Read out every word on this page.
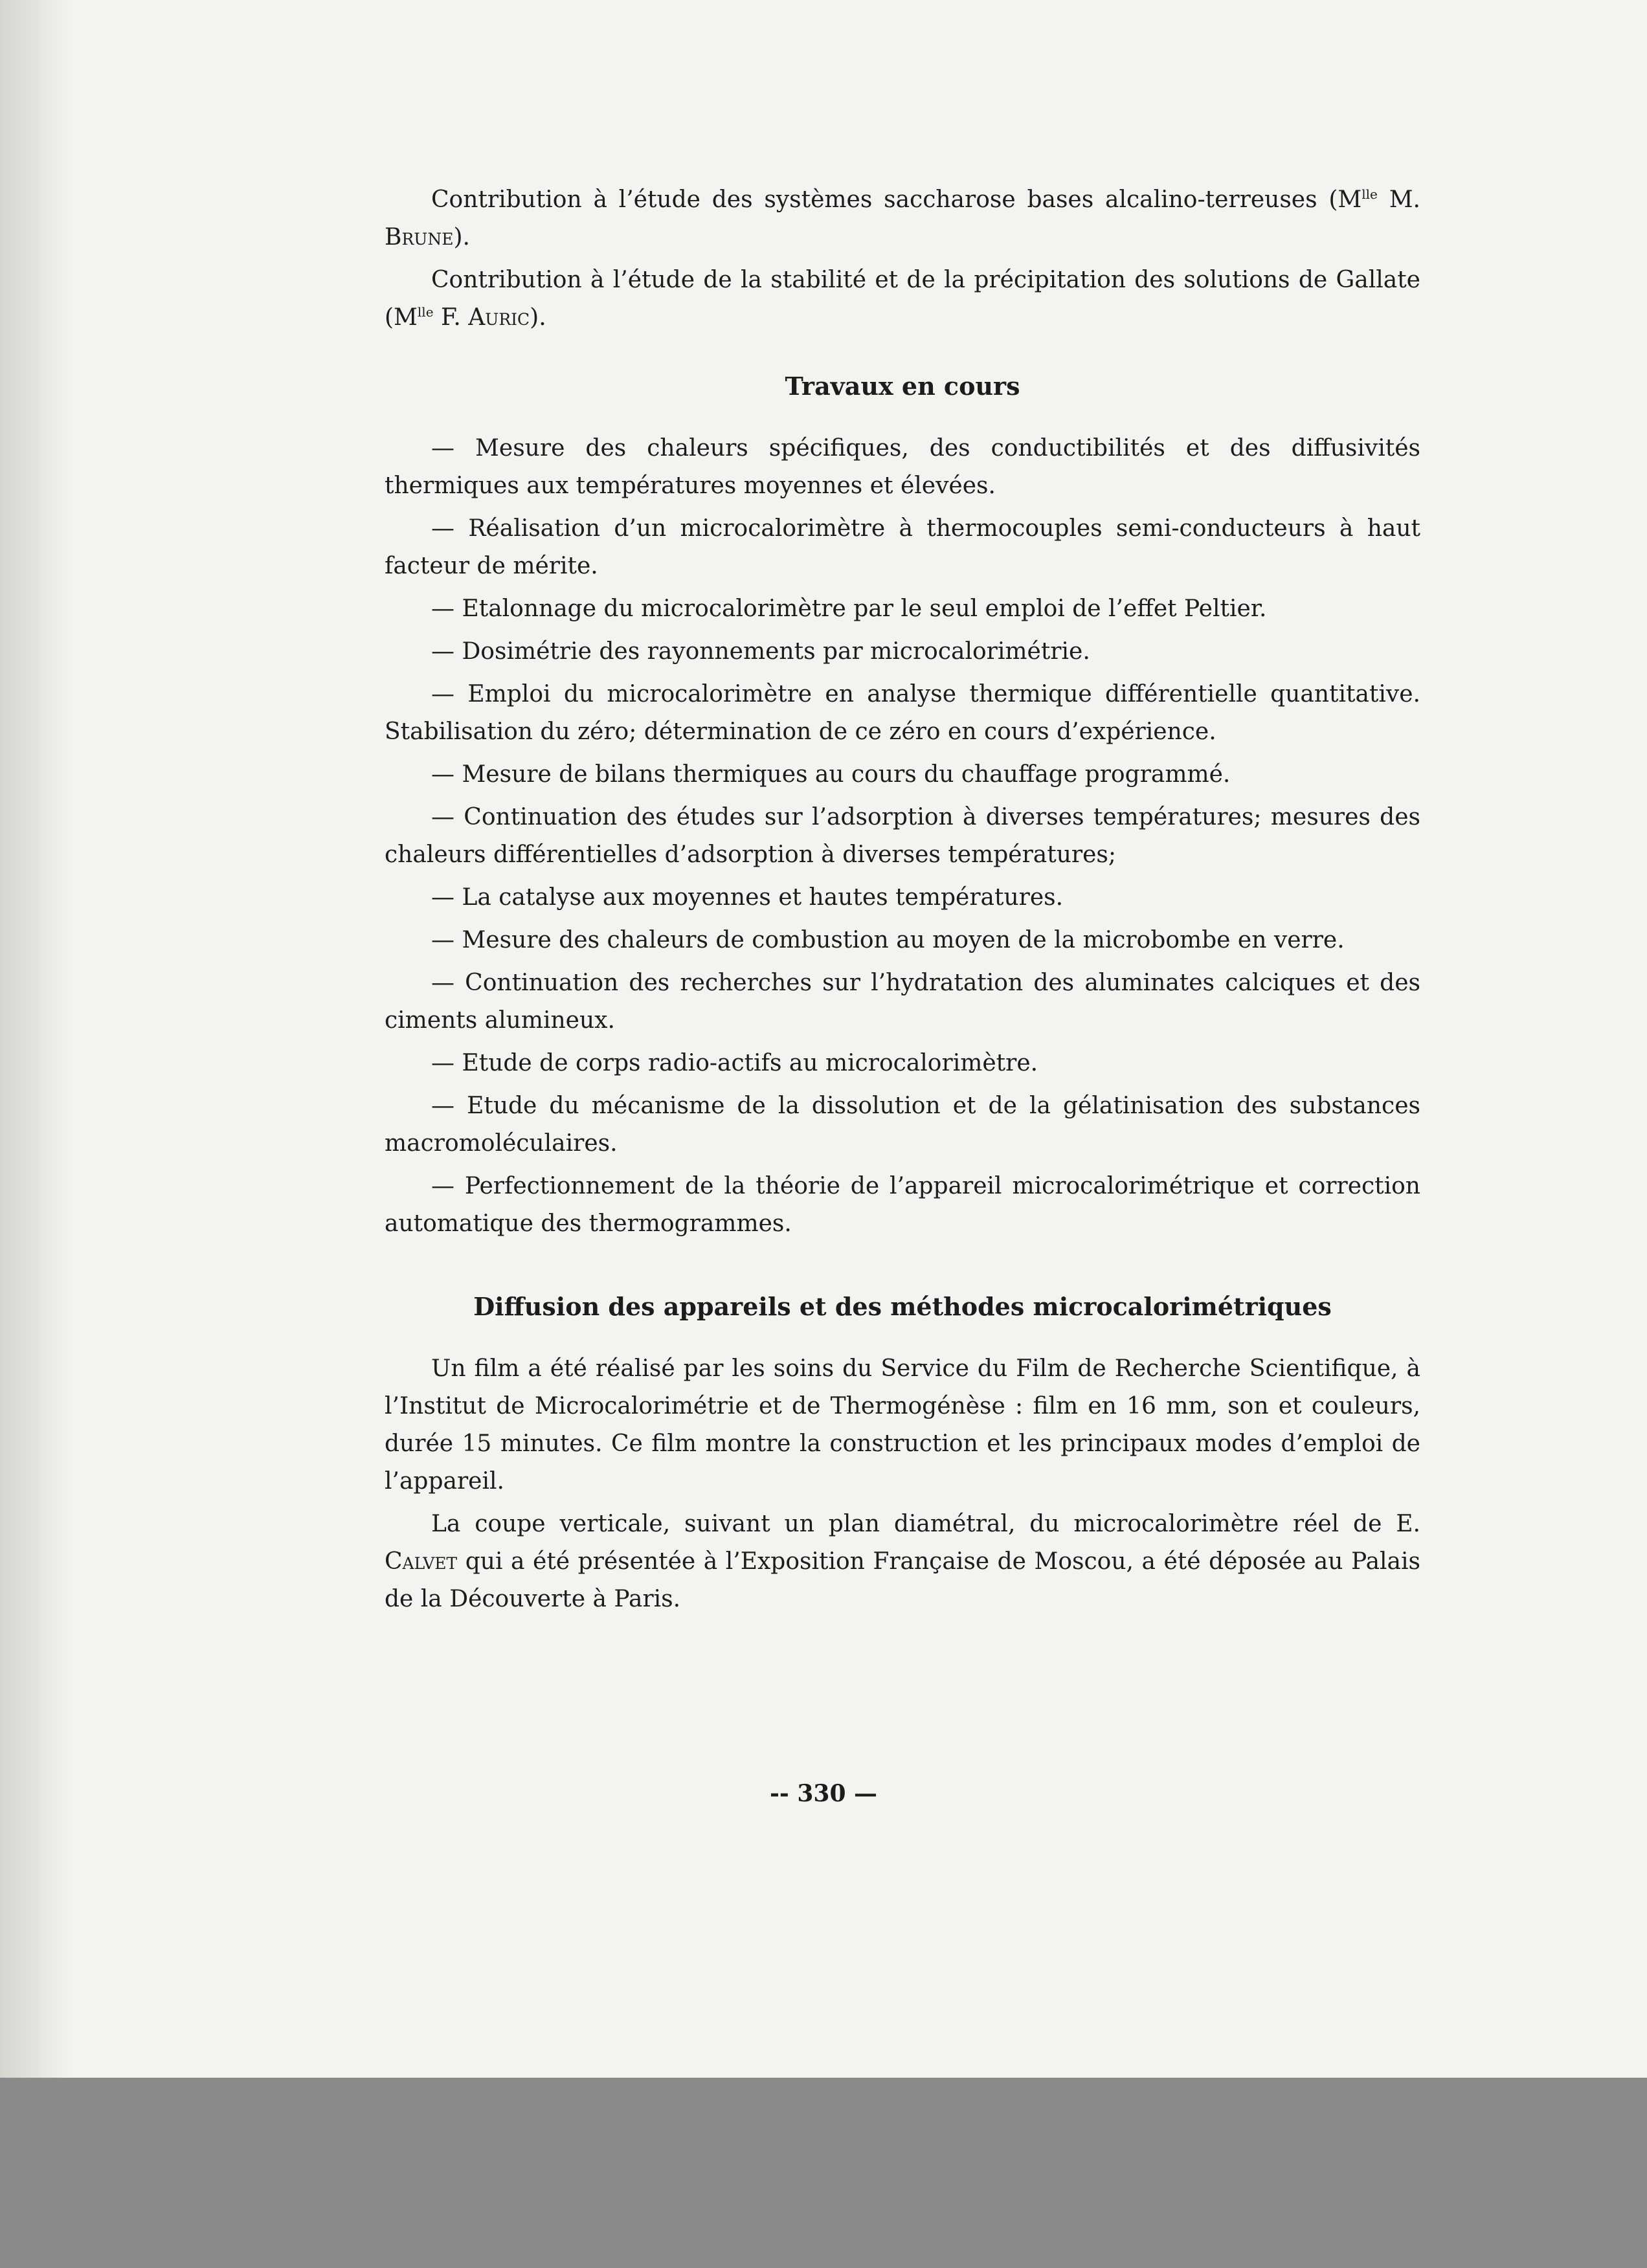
Contribution à l’étude des systèmes saccharose bases alcalino-terreuses ($M^{lle}$ M. Brune).

Contribution à l’étude de la stabilité et de la précipitation des solutions de Gallate ($M^{lle}$ F. Auric).

Travaux en cours

— Mesure des chaleurs spécifiques, des conductibilités et des diffusivités thermiques aux températures moyennes et élevées.

— Réalisation d’un microcalorimètre à thermocouples semi-conducteurs à haut facteur de mérite.

— Etalonnage du microcalorimètre par le seul emploi de l’effet Peltier.

— Dosimétrie des rayonnements par microcalorimétrie.

— Emploi du microcalorimètre en analyse thermique différentielle quantitative. Stabilisation du zéro; détermination de ce zéro en cours d’expérience.

— Mesure de bilans thermiques au cours du chauffage programmé.

— Continuation des études sur l’adsorption à diverses températures; mesures des chaleurs différentielles d’adsorption à diverses températures;

— La catalyse aux moyennes et hautes températures.

— Mesure des chaleurs de combustion au moyen de la microbombe en verre.

— Continuation des recherches sur l’hydratation des aluminates calciques et des ciments alumineux.

— Etude de corps radio-actifs au microcalorimètre.

— Etude du mécanisme de la dissolution et de la gélatinisation des substances macromoléculaires.

— Perfectionnement de la théorie de l’appareil microcalorimétrique et correction automatique des thermogrammes.

Diffusion des appareils et des méthodes microcalorimétriques

Un film a été réalisé par les soins du Service du Film de Recherche Scientifique, à l’Institut de Microcalorimétrie et de Thermogénèse : film en 16 mm, son et couleurs, durée 15 minutes. Ce film montre la construction et les principaux modes d’emploi de l’appareil.

La coupe verticale, suivant un plan diamétral, du microcalorimètre réel de E. Calvet qui a été présentée à l’Exposition Française de Moscou, a été déposée au Palais de la Découverte à Paris.

-- 330 —
